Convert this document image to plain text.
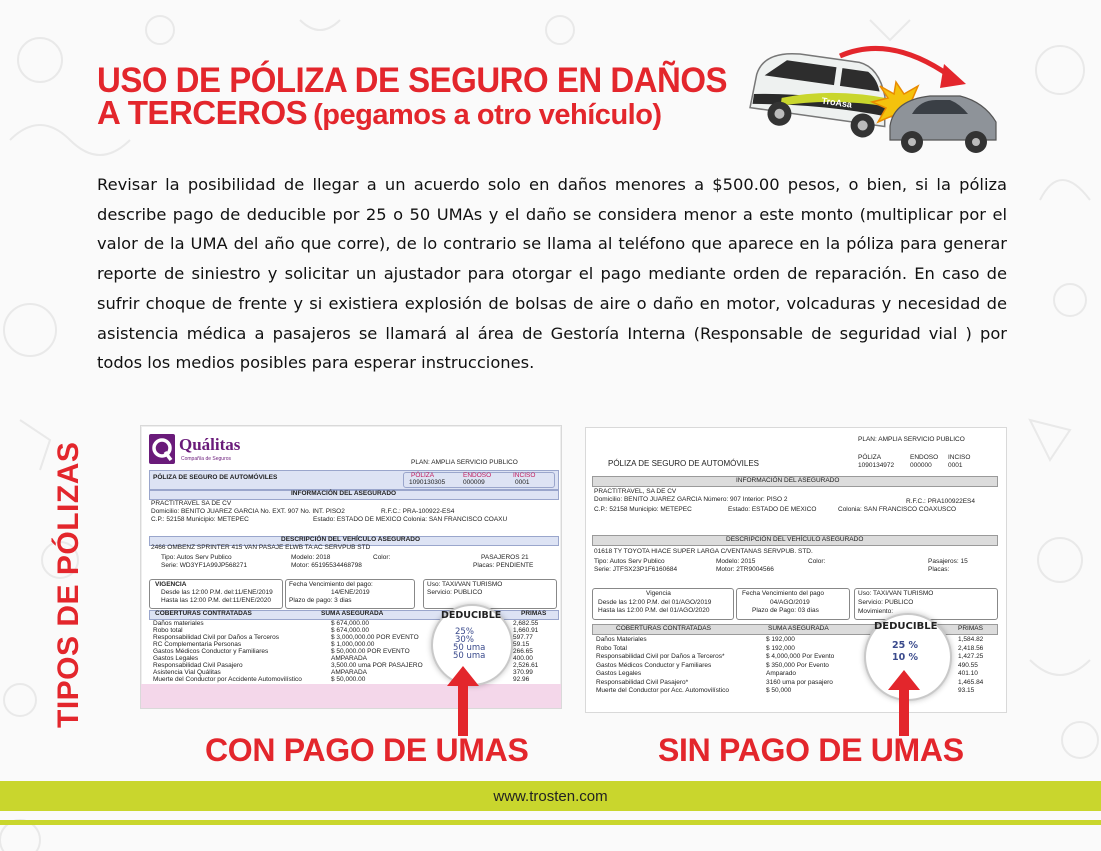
USO DE PÓLIZA DE SEGURO EN DAÑOS
A TERCEROS (pegamos a otro vehículo)	TroAsa
Revisar la posibilidad de llegar a un acuerdo solo en daños menores a $500.00 pesos, o bien, si la póliza describe pago de deducible por 25 o 50 UMAs y el daño se considera menor a este monto (multiplicar por el valor de la UMA del año que corre), de lo contrario se llama al teléfono que aparece en la póliza para generar reporte de siniestro y solicitar un ajustador para otorgar el pago mediante orden de reparación. En caso de sufrir choque de frente y si existiera explosión de bolsas de aire o daño en motor, volcaduras y necesidad de asistencia médica a pasajeros se llamará al área de Gestoría Interna (Responsable de seguridad vial ) por todos los medios posibles para esperar instrucciones.
TIPOS DE PÓLIZAS	Quálitas
Compañía de Seguros	PLAN: AMPLIA SERVICIO PUBLICO
PÓLIZA DE SEGURO DE AUTOMÓVILES	PÓLIZA	ENDOSO	INCISO
1090130305	000009	0001
INFORMACIÓN DEL ASEGURADO
PRACTITRAVEL SA DE CV
Domicilio: BENITO JUAREZ GARCIA No. EXT. 907 No. INT. PISO2	R.F.C.: PRA-100922-ES4
C.P.: 52158 Municipio: METEPEC	Estado: ESTADO DE MEXICO Colonia: SAN FRANCISCO COAXU
DESCRIPCIÓN DEL VEHÍCULO ASEGURADO
2466 OMBENZ SPRINTER 415 VAN PASAJE ELWB TA AC SERVPUB STD
Tipo: Autos Serv Publico	Modelo: 2018	Color:	PASAJEROS 21
Serie: WD3YF1A99JP568271	Motor: 65195534468798	Placas: PENDIENTE
VIGENCIA
Desde las 12:00 P.M. del:11/ENE/2019
Hasta las 12:00 P.M. del:11/ENE/2020
Fecha Vencimiento del pago:
14/ENE/2019
Plazo de pago: 3 dias
Uso: TAXI/VAN TURISMO
Servicio: PUBLICO
COBERTURAS CONTRATADAS	SUMA ASEGURADA	PRIMAS
Daños materiales	$ 674,000.00	2,682.55
Robo total	$ 674,000.00	1,660.91
Responsabilidad Civil por Daños a Terceros	$ 3,000,000.00 POR EVENTO	597.77
RC Complementaria Personas	$ 1,000,000.00	59.15
Gastos Médicos Conductor y Familiares	$ 50,000.00 POR EVENTO	266.65
Gastos Legales	AMPARADA	400.00
Responsabilidad Civil Pasajero	3,500.00 uma POR PASAJERO	2,526.61
Asistencia Vial Quálitas	AMPARADA	370.99
Muerte del Conductor por Accidente Automovilístico	$ 50,000.00	92.96
DEDUCIBLE
25%
30%
50 uma
50 uma
PLAN: AMPLIA SERVICIO PUBLICO
PÓLIZA	ENDOSO INCISO
1090134972 000000	0001
PÓLIZA DE SEGURO DE AUTOMÓVILES
INFORMACIÓN DEL ASEGURADO
PRACTITRAVEL, SA DE CV
Domicilio: BENITO JUAREZ GARCIA Número: 907 Interior: PISO 2	R.F.C.: PRA100922ES4
C.P.: 52158 Municipio: METEPEC	Estado: ESTADO DE MEXICO	Colonia: SAN FRANCISCO COAXUSCO
DESCRIPCIÓN DEL VEHÍCULO ASEGURADO
01618 TY TOYOTA HIACE SUPER LARGA C/VENTANAS SERVPUB. STD.
Tipo: Autos Serv Publico	Modelo: 2015	Color:	Pasajeros: 15
Serie: JTFSX23P1F6160684	Motor: 2TR9004566	Placas:
Vigencia
Desde las 12:00 P.M. del 01/AGO/2019
Hasta las 12:00 P.M. del 01/AGO/2020
Fecha Vencimiento del pago
04/AGO/2019
Plazo de Pago: 03 dias
Uso: TAXI/VAN TURISMO
Servicio: PUBLICO
Movimiento:
COBERTURAS CONTRATADAS	SUMA ASEGURADA	PRIMAS
Daños Materiales	$ 192,000	1,584.82
Robo Total	$ 192,000	2,418.56
Responsabilidad Civil por Daños a Terceros*	$ 4,000,000 Por Evento	1,427.25
Gastos Médicos Conductor y Familiares	$ 350,000 Por Evento	490.55
Gastos Legales	Amparado	401.10
Responsabilidad Civil Pasajero*	3160 uma por pasajero	1,465.84
Muerte del Conductor por Acc. Automovilístico	$ 50,000	93.15
DEDUCIBLE
25 %
10 %
CON PAGO DE UMAS	SIN PAGO DE UMAS
www.trosten.com
